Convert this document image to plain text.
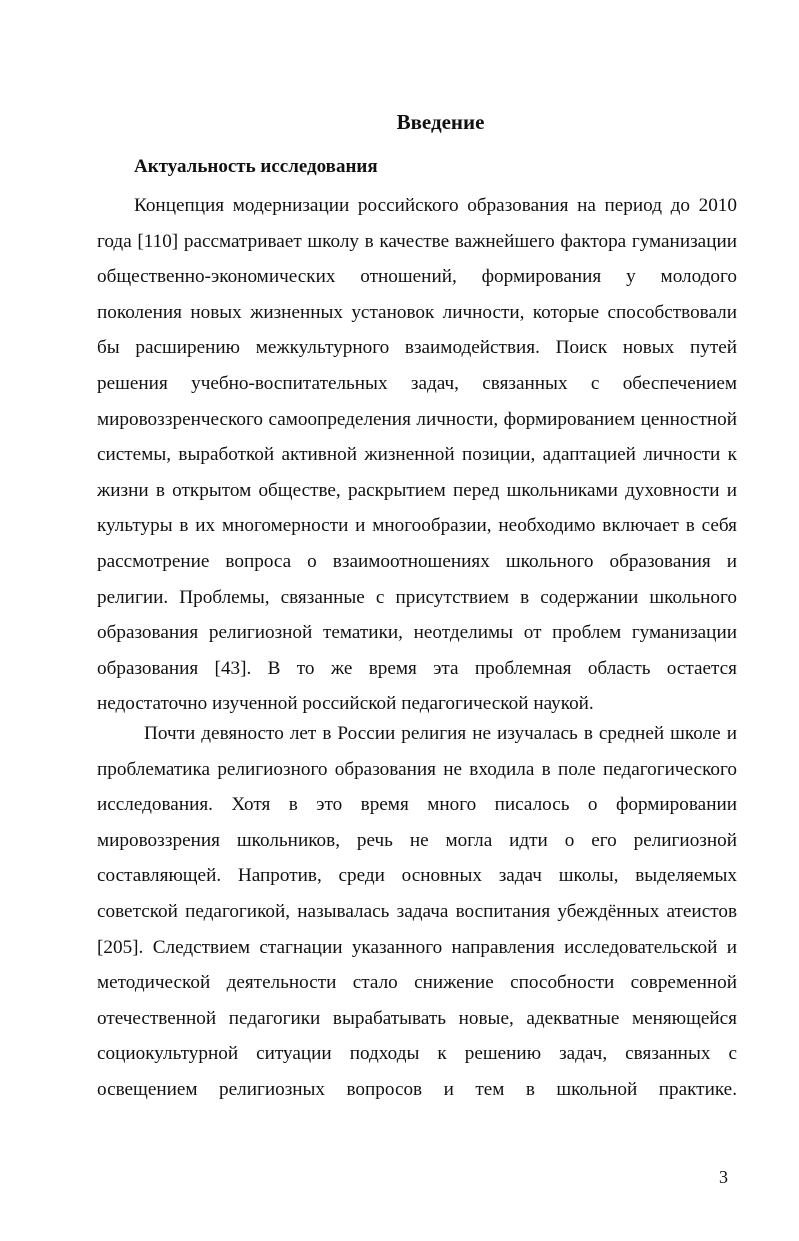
Введение
Актуальность исследования
Концепция модернизации российского образования на период до 2010
года [110] рассматривает школу в качестве важнейшего фактора гуманизации
общественно-экономических отношений, формирования у молодого
поколения новых жизненных установок личности, которые способствовали
бы расширению межкультурного взаимодействия. Поиск новых путей
решения учебно-воспитательных задач, связанных с обеспечением
мировоззренческого самоопределения личности, формированием ценностной
системы, выработкой активной жизненной позиции, адаптацией личности к
жизни в открытом обществе, раскрытием перед школьниками духовности и
культуры в их многомерности и многообразии, необходимо включает в себя
рассмотрение вопроса о взаимоотношениях школьного образования и
религии. Проблемы, связанные с присутствием в содержании школьного
образования религиозной тематики, неотделимы от проблем гуманизации
образования [43]. В то же время эта проблемная область остается
недостаточно изученной российской педагогической наукой.
Почти девяносто лет в России религия не изучалась в средней школе и
проблематика религиозного образования не входила в поле педагогического
исследования. Хотя в это время много писалось о формировании
мировоззрения школьников, речь не могла идти о его религиозной
составляющей. Напротив, среди основных задач школы, выделяемых
советской педагогикой, называлась задача воспитания убеждённых атеистов
[205]. Следствием стагнации указанного направления исследовательской и
методической деятельности стало снижение способности современной
отечественной педагогики вырабатывать новые, адекватные меняющейся
социокультурной ситуации подходы к решению задач, связанных с
освещением религиозных вопросов и тем в школьной практике.
3
